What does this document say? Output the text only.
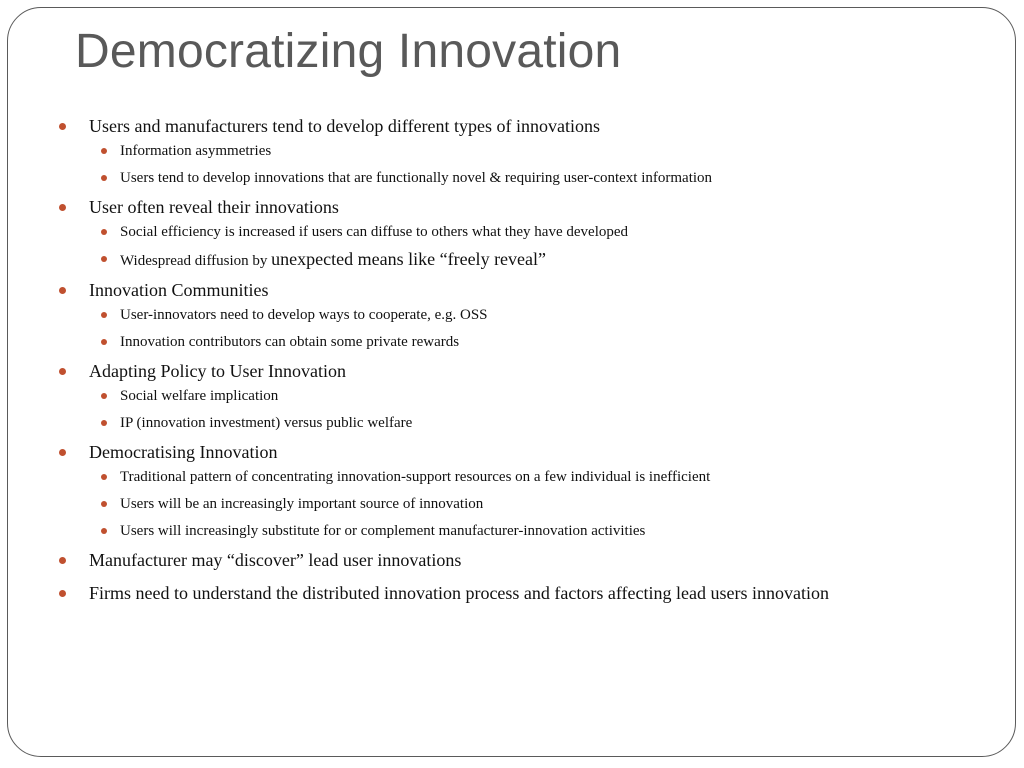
Democratizing Innovation
Users and manufacturers tend to develop different types of innovations
Information asymmetries
Users tend to develop innovations that are functionally novel & requiring user-context information
User often reveal their innovations
Social efficiency is increased if users can diffuse to others what they have developed
Widespread diffusion by unexpected means like “freely reveal”
Innovation Communities
User-innovators need to develop ways to cooperate, e.g. OSS
Innovation contributors can obtain some private rewards
Adapting Policy to User Innovation
Social welfare implication
IP (innovation investment) versus public welfare
Democratising Innovation
Traditional pattern of concentrating innovation-support resources on a few individual is inefficient
Users will be an increasingly important source of innovation
Users will increasingly substitute for or complement manufacturer-innovation activities
Manufacturer may “discover” lead user innovations
Firms need to understand the distributed innovation process and factors affecting lead users innovation
